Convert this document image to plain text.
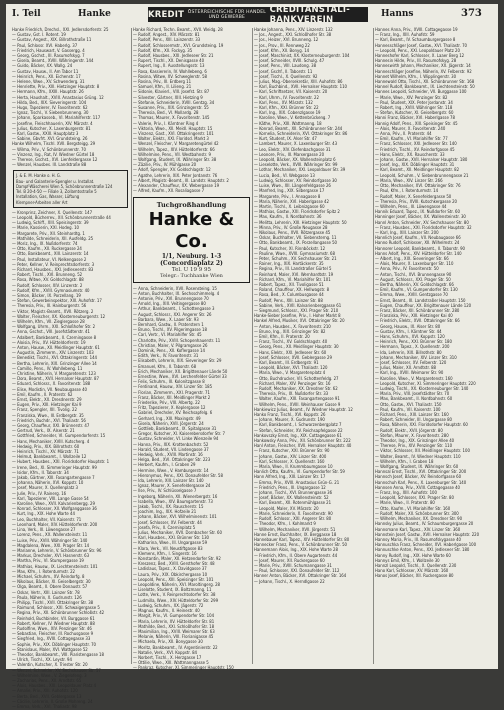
I. Teil	Hanke	KREDIT ÖSTERREICHISCHE FÜR HANDEL UND GEWERBE
CREDITANSTALT-BANKVEREIN
Hanns	373
Hanke Friedrich, Drechsl., XXI. Jedlersdorferstr. 25
— Gustav, Gst. I. Rotent. 19
— Gustav, Angest., XIX. Billrothstraße 11
— Paul, Schlossr. XVI. Haberlg. 37
— Friedrich, Hauswart, V. Gassergg. 4
— Georg, Gschst., III. Rasumofskyg. 7
— Gisela, Beamt., XVIII. Währingerstr. 144
— Guido, Bäcker, XX. Wallg. 24
— Gustav, Hausw., II. Am Tabor 11
— Heinrich, Pens., XII. Eichenstr. 17
— Helene, Wwe., XV. Schwenderg. 31
— Henriette, Priv., XIII. Hietzinger Hauptstr. 8
— Hermann, Kfm., XXIII. Hauptstr. 26
— Herta, Haushalt., XVIII. Anastasius Grüng. 12
— Hilda, Bed., XIX. Sieveringerstr. 104
— Hugo, Tapezierer, IV. Favoritenstr. 62
— Ignaz, Tischl., V. Siebenbrunneng. 30
— Johann, Sparkasseb., VI. Mariahilferstr. 117
— Josefine, Fleischhauerin, XIV. Märzstr. 4
— Julius, Kutscher, X. Laxenburgerstr. 81
— Karl, Gastw., XXIII. Hauptplatz 3
— Sabine, Gbvfrt. XVI. Grundsteing. 26
Hanke Wilhelm, Tischl. XVII. Bergsteigg. 29
— Wilma, Priv., V. Schönbrunnerstr. 70
— Vinzenz, Ing., Rat, IV. Wiedner Gürtel 18
— Therese, Gschst., XVI. Lienfeldergasse 12
— Wenzel, Hausbes. III. Landstraße 88
J. & E. M. Hanke o. H. G.
Bau- und Galanterie-Spengler u. Installat.
Dampf-Wäscherei Wien 5, Schönbrunnerstraße 124
Tel. B 20-4-50 — Filiale 3, Zollamtsstraße 5
Installation, Gas, Wasser, Lüftung
Klempner-Arbeiten aller Art
— Kronprinz, Zeichner, X. Quellenstr. 147
— Leopold, Bücherrev., XII. Schönbrunnerstraße 44
— Ludwig, Schiff., XIII. Speisingerstr. 39
— Marie, Kassierin, XXI. Hodeg. 10
— Margarete, Priv., XII. Steinhardtg. 1
— Mathilde, Schneiderin, XII. Ausfeldg. 25
— Moriz, Ing., IX. Nußdorferstr. 74
— Otto, Kaufm., XII. Ruckergasse 24
— Otto, Bankbeamt., XIII. Lainzerstr. 14
— Paul, Installateur, VI. Nelkengasse 2
— Peter, Kellner, V. Reinprechtsdorferstr. 3
— Richard, Hausbes., XXI. Jedleseerstr. 83
— Robert, Tischl., XVI. Brunneng. 52
— Rosa, Witwe, XV. Goldschlagstr. 88
— Rudolf, Schlosser, XIV. Linzerstr. 2
— Rudolf, Kfm., XVIII. Gymnasiumstr. 40
— Simon, Bäcker, IX. Porzellang. 19
— Stefan, Gewerbeinspektor, XIII. Auhofstr. 17
— Theresia, Priv., III. Hainburgerstr. 56
— Viktor, Magistr.-Beamt., XVII. Rötzerg. 2
— Walter, Fleischer, XX. Klosterneuburgerstr. 12
— Wilhelm, Kfm., VII. Zieglergasse 28
— Wolfgang, Uhrm., XXI. Schloßhofer Str. 2
— Anna, Gschst., VIII. Josefstädterstr. 41
— Adalbert, Bankbeamt., II. Czerningasse 8
— Aloisia, Priv., XV. Hütteldorferstr. 19
— Anton, Hausw., XII. Meidlinger Hauptstr. 61
— Augustin, Zimmerm., XIV. Linzerstr. 103
— Benedikt, Tischl., XVI. Ottakringerstr. 144
— Bertha, Lehrerin, XIX. Grinzinger Allee 14
— Camillo, Pens., IV. Wohllebeng. 11
— Christine, Näherin, V. Margaretenstr. 123
— Dora, Beamt., XVII. Hernalser Hauptstr. 87
— Eduard, Schlossr., X. Favoritenstr. 188
— Elise, Modistin, VII. Neubaugasse 40
— Emil, Kaufm., II. Praterstr. 62
— Ernst, Elektr., XX. Dresdnerstr. 29
— Eugen, Priv., XIII. Hietzinger Kai 9
— Franz, Spengler, XII. Tivolig. 22
— Franziska, Wwe., III. Erdbergstr. 35
— Friedrich, Buchdr., XVI. Thaliastr. 56
— Georg, Chauffeur, XXI. Brünnerstr. 47
— Gertrud, Verk., IX. Alserstr. 21
— Gottfried, Schneider, VI. Gumpendorferstr. 15
— Hans, Mechaniker, XVIII. Kutscherg. 4
— Hedwig, Priv., XIX. Billrothstr. 60
— Heinrich, Tischl., XV. Märzstr. 71
— Helmut, Bankbeamt., I. Wollzeile 12
— Hubert, Hausbes., XXI. Floridsdorfer Hauptstr. 1
— Irene, Bed., XI. Simmeringer Hauptstr. 99
— Isidor, Kfm., II. Taborstr. 34
— Jakob, Gärtner, XIII. Fasangartengasse 7
— Johanna, Näherin, XVI. Koppstr. 10
— Josef, Maurer, X. Quellenplatz 3
— Julie, Priv., IV. Rainerg. 16
— Karl, Tapezierer, VIII. Lange Gasse 54
— Karoline, Wwe., XVII. Kalvarienbergg. 29
— Konrad, Schlosser, XII. Wolfganggasse 36
— Kurt, Ing., XIX. Hohe Warte 44
— Leo, Buchhalter, VII. Kaiserstr. 71
— Leonhard, Maler, XIV. Hütteldorferstr. 200
— Lina, Verk., III. Löwengasse 27
— Lorenz, Pens., XX. Wallensteinstr. 11
— Luise, Priv., XVIII. Währinger Str. 140
— Magdalena, Wwe., XXI. Prager Str. 14
— Marianne, Lehrerin, V. Schönbrunner Str. 96
— Markus, Drechsler, XVI. Hasnerstr. 63
— Martha, Priv., VI. Stumpergasse 19
— Mathias, Hausw., IX. Liechtensteinstr. 101
— Max, Kfm., I. Rotenturmstr. 22
— Michael, Schuhm., XV. Reindorfg. 8
— Nikolaus, Bäcker, XI. Geiselbergstr. 30
— Olga, Beamt., II. Obere Donaustr. 57
— Oskar, Vertr., XIII. Lainzer Str. 78
— Paula, Näherin, X. Gudrunstr. 126
— Philipp, Tischl., XVII. Ottakringer Str. 38
— Raimund, Schlossr., XXI. Schwaigergasse 5
— Regina, Priv., XII. Schönbrunner Schloßstr. 42
— Reinhold, Buchbinder, VII. Burggasse 61
— Robert, Kellner, IV. Wiedner Hauptstr. 88
— Rudolfine, Wwe., XIV. Penzinger Str. 46
— Sebastian, Fleischer, III. Rochusgasse 9
— Siegfried, Ing., XVIII. Cottagegasse 33
— Sophie, Priv., XIX. Döblinger Hauptstr. 70
— Stanislaus, Maler, XVI. Wattgasse 52
— Theodor, Bankbeamt., VIII. Piaristengasse 18
— Ulrich, Tischl., XX. Leystr. 94
— Valentin, Kutscher, X. Triester Str. 20
— Wenzel, Schneider, XV. Sechshauser Str. 57
— Wilhelmine, Wwe., V. Ziegelofeng. 3
— Zacharias, Pens., XII. Arndtstr. 65
— Alois, Hausbes., XXI. Leopoldauer Platz 4
— Amalie, Priv., XIII. Auhofstr. 120
— Berta, Bed., XVII. Geblergasse 13
— Cäcilie, Lehrerin, II. Große Mohreng. 24
— Emma, Verk., XVI. Thaliastr. 98
Hanke Richard, Techn. Beamt., XVII. Weidg. 28
— Rudolf, Angest., XIV. Märzstr. 81
— Rudolf, Pens., XIII. Lainzerstr. 33
— Rudolf, Schlossermstr., XVI. Grundsteing. 19
— Rudolf, Kfm., XII. Fockyg. 35
— Rudolf, Hausbes., XXI. Jedleseer Str. 21
— Rupert, Tischl., XX. Denisgasse 40
— Rupert, Ing., II. Ausstellungsstr. 13
— Rosa, Kassiererin, IV. Wohllebeng. 6
— Rosina, Witwe, XV. Schweglerstr. 58
— Rosina, Priv., III. Erdberg 11
— Samuel, Kfm., II. Lilieng. 21
— Sidonie, Klavierl., VIII. Josefst. Str. 87
— Silvester, Gärtner, XIII. Hietzing 9
— Stefanie, Schneiderin, XVIII. Gentzg. 34
— Susanne, Priv., XIX. Grinzingerstr. 55
— Theresia, Bed., VI. Mollardg. 28
— Thomas, Maurer, X. Favoritenstr. 145
— Valerie, Priv., I. Kärntner Ring 4
— Viktoria, Wwe., XII. Meidl. Hauptstr. 15
— Vinzenz, Gast., XVI. Ottakringerstr. 101
— Walter, Elektr., XXI. Floridsd. Markt 3
— Wenzel, Fleischer, V. Margaretengürtel 42
— Wilhelm, Tapez., XIV. Hütteldorferstr. 66
— Wilhelmine, Pens., VII. Westbahnstr. 9
— Wolfgang, Student, IX. Währinger Str. 38
— Zäzilie, Priv., IV. Mühlgasse 20
— Adolf, Spengler, XV. Goldschlagstr. 12
— Agathe, Lehrerin, XIX. Peter Jordanstr. 76
— Albert, Magistr.-Beamt., III. Landstr. Hauptstr. 2
— Alexander, Chauffeur, XX. Webergasse 19
— Alfred, Kaufm., XII. Rosaliagasse 7
Tuchgroßhandlung
Hanke & Co.
1/1, Neuburg. 1-3 (Concordiaplatz 2)
Tel. U 19 9 95
Telegr.: Tuchhanke Wien
— Anna, Schneiderin, XVII. Rosensteing. 15
— Anton, Buchhalter, IX. Sechsschimmelg. 4
— Antonie, Priv., XVI. Brunnengasse 70
— Arnold, Ing., XIII. Veitingergasse 80
— Arthur, Bankbeamt., I. Schottengasse 3
— August, Schlossr., XXI. Angerer Str. 26
— Barbara, Wwe., X. Laaer Str. 93
— Bernhard, Gastw., II. Praterstern 1
— Bruno, Tischl., XV. Pilgerimgasse 18
— Carl, Vertr., VI. Mariahilfer Str. 45
— Charlotte, Priv., XVIII. Schopenhauerstr. 11
— Christian, Maler, V. Pilgramgasse 26
— Dominik, Pens., XII. Koflergasse 14
— Edith, Verk., IV. Favoritenstr. 31
— Elisabeth, Lehrerin, XIX. Sieveringer Str. 29
— Emanuel, Kfm., II. Taborstr. 68
— Erich, Mechaniker, XX. Brigittenauer Lände 50
— Ernestine, Wwe., XVI. Lerchenfelder Gürtel 33
— Felix, Schuhm., III. Kolonitzgasse 8
— Ferdinand, Hausw., XIV. Linzer Str. 185
— Florian, Zimmerm., XXI. Pragerstr. 71
— Franz, Bäcker, XII. Meidlinger Markt 2
— Friederike, Priv., VIII. Albertg. 22
— Fritz, Tapezierer, X. Keplergasse 12
— Gabriel, Drechsler, XV. Reichsapfelg. 6
— Gerhard, Ing., XIII. Maxingstr. 49
— Gisela, Näherin, XVII. Jörgerstr. 24
— Gottlieb, Bankbeamt., IX. Spitalgasse 31
— Gregor, Kutscher, XI. Kaiserebersdorfer Str. 7
— Gustav, Schneider, VI. Linke Wienzeile 94
— Hanna, Priv., XIX. Krottenbachstr. 52
— Harald, Student, VII. Lindengasse 37
— Hedwig, Verk., XVIII. Martinstr. 16
— Helga, Bed., XVI. Ottakringer Str. 223
— Herbert, Kaufm., I. Graben 29
— Hermine, Wwe., V. Hamburgerstr. 14
— Hieronymus, Pens., XXI. Donaufelder Str. 58
— Ida, Lehrerin, XIII. Lainzer Str. 140
— Ignaz, Maurer, X. Senefeldergasse 24
— Ilse, Priv., IV. Schlüsselgasse 7
— Ingeborg, Näherin, XII. Wienerbergstr. 16
— Isabella, Wwe., XIV. Baumgartenstr. 73
— Jakob, Tischl., XX. Rauscherstr. 15
— Joachim, Ing., XIX. Hofzeile 21
— Johann, Bäcker, XVI. Wilhelminenstr. 101
— Josef, Schlosser, XV. Felberstr. 44
— Josefa, Priv., II. Czerninplatz 5
— Julius, Mechaniker, XVII. Dornbacher Str. 60
— Karl, Hausbes., XXI. Brünner Str. 130
— Katharina, Wwe., III. Ungargasse 59
— Klara, Verk., VII. Neustiftgasse 83
— Klemens, Kfm., I. Singerstr. 16
— Konstantin, Maler, XII. Hetzendorfer Str. 92
— Kreszenz, Bed., XVIII. Gersthofer Str. 48
— Ladislaus, Tapez., X. Davidgasse 37
— Laura, Priv., XIX. Obkirchergasse 10
— Leopold, Pens., XIII. Speisinger Str. 101
— Leopoldine, Näherin, XVI. Maroltingerg. 28
— Liselotte, Student, IX. Boltzmanng. 11
— Lotte, Verk., V. Reinprechtsdorfer Str. 38
— Ludmilla, Wwe., XIV. Hütteldorfer Str. 299
— Ludwig, Schuhm., XX. Jägerstr. 72
— Magnus, Kaufm., II. Heinestr. 40
— Margit, Priv., VI. Gumpendorfer Str. 104
— Maria, Lehrerin, XV. Hütteldorfer Str. 81
— Mathilde, Bed., XXI. Schloßhofer Str. 18
— Maximilian, Ing., XVIII. Weimarer Str. 63
— Melanie, Näherin, VIII. Florianigasse 45
— Michaela, Priv., XII. Bonygasse 30
— Moritz, Bankbeamt., IV. Argentinierstr. 22
— Natalie, Verk., XVI. Koppstr. 84
— Norbert, Tischl., X. Herzgasse 17
— Ottilie, Wwe., XIII. Wattmanngasse 5
— Pankraz, Kutscher, XI. Simmeringer Hauptstr. 150
Hanke Johanna, Pens., XIV. Linzerstr. 132
— Jos., Angest., XXI. Schloßhofer Str. 38
— Jos., Heizer, XVI. Brunneng. 12
— Jos., Prov., III. Rennweg 22
— Josef, Kfm., XII. Bonyg. 14
— Josef, Maschinist, XX. Klosterneuburgerstr. 104
— Josef, Schneider, XVIII. Schulg. 47
— Josef, Pens., VIII. Laudong. 38
— Josef, Gschf., II. Taborstr. 11
— Josef, Tischl., X. Quellenstr. 92
— Julius, Mag.-Obersekretär, XIII. Auhofstr. 86
— Karl, Buchbind., XVII. Hernalser Hauptstr. 110
— Karl, Schriftsetzer, VII. Kaiserstr. 20
— Karl, Uhrm., IV. Favoritenstr. 22
— Karl, Pens., XV. Märzstr. 132
— Karl, Kfm., XXI. Brünner Str. 22
— Karl, Ing., XIX. Cobenzlgasse 19
— Karoline, Wwe., V. Kettenbrückeng. 7
— Käthe, Priv., XIII. Wattmanng. 18
— Konrad, Beamt., XII. Schönbrunner Str. 244
— Kornelia, Schneiderin, XVI. Ottakringer Str. 86
— Kurt, Student, IX. Alser Str. 47
— Lambert, Maurer, X. Laxenburger Str. 43
— Leo, Elektr., XIV. Diefenbachgasse 31
— Leonore, Priv., III. Marxergasse 20
— Leopold, Bäcker, XX. Wallensteinplatz 6
— Lieselotte, Verk., XVIII. Währinger Str. 99
— Lothar, Mechaniker, XXI. Leopoldauer Str. 39
— Lucia, Bed., VI. Webgasse 13
— Ludwig, Schlosser, XV. Reindorfgasse 30
— Luise, Wwe., XII. Längenfeldgasse 26
— Manfred, Ing., XIX. Silbergasse 17
— Margarete, Priv., I. Annagasse 8
— Maria, Näherin, XVI. Haberlgasse 42
— Martin, Tischl., X. Leibnizgasse 60
— Mathias, Gastw., XXI. Floridsdorfer Spitz 2
— Max, Kaufm., II. Nordbahnstr. 36
— Melitta, Lehrerin, XIII. Hietzinger Hauptstr. 50
— Minna, Priv., IV. Große Neugasse 28
— Nikolaus, Pens., XVII. Rötzergasse 45
— Oskar, Buchhalter, VII. Siebensterng. 11
— Otto, Bankbeamt., IX. Porzellangasse 50
— Paul, Kutscher, XI. Rinnböckstr. 12
— Pauline, Wwe., XVIII. Gymnasiumstr. 68
— Peter, Schuhm., XV. Sechshauser Str. 21
— Rainer, Ing., XIX. Hartäckerstr. 35
— Regina, Priv., III. Landstraßer Gürtel 5
— Reinhard, Maler, XVI. Wernhardtstr. 19
— Richard, Kfm., VI. Mariahilfer Str. 101
— Robert, Tapez., XII. Tivoligasse 51
— Roland, Chauffeur, XX. Hellwagstr. 8
— Rosa, Bed., X. Columbusgasse 44
— Rudolf, Pens., XIII. Lainzer Str. 88
— Sabine, Verk., XVII. Kalvarienberggasse 61
— Siegmund, Schlossr., XXI. Prager Str. 210
Hanke-Sieber Josefine, Priv., I. Hoher Markt 8
Hankel Alfred, Musiker, XVI. Ottakringer Str. 20
— Anton, Hausbes., X. Favoritenstr. 210
— Bruno, Ing., XIX. Grinzinger Str. 82
— Emil, Kfm., II. Praterstr. 20
— Franz, Tischl., XV. Goldschlagstr. 40
— Georg, Pens., XII. Meidlinger Hauptstr. 30
— Hans, Elektr., XXI. Jedleseer Str. 60
— Josef, Schlosser, XVII. Geblergasse 29
— Karl, Beamt., III. Erdbergstr. 91
— Leopold, Bäcker, XVI. Thaliastr. 120
— Maria, Wwe., V. Margaretenplatz 4
— Otto, Buchdrucker, VII. Schottenfeldg. 27
— Richard, Maler, XIV. Penzinger Str. 16
— Rudolf, Mechaniker, XX. Dresdner Str. 62
— Theresia, Priv., IX. Nußdorfer Str. 33
— Walter, Kaufm., XIII. Fasangartengasse 91
— Wilhelm, Pens., XVIII. Weinhauser Gasse 9
Hankiewicz Julius, Beamt., IV. Wiedner Hauptstr. 12
Hanko Franz, Tischl., XVI. Koppstr. 26
— Johann, Maurer, X. Gudrunstr. 190
— Karl, Bankbeamt., I. Schwarzenbergplatz 7
— Stefan, Schneider, XV. Reichsapfelgasse 22
Hankovszky Ernst, Ing., XIX. Cottagegasse 61
Hankowsky Anna, Priv., XII. Schönbrunner Str. 222
Hanl Anton, Fleischer, XVII. Hernalser Hauptstr. 40
— Franz, Kutscher, XXI. Brünner Str. 90
— Johann, Gastw., XIV. Linzer Str. 400
— Karl, Schlosser, X. Quellenstr. 160
— Maria, Wwe., II. Krummbaumgasse 10
Hanlich Otto, Kaufm., VI. Gumpendorfer Str. 59
Hann Alfred, Ing., XIII. Lainzer Str. 17
— Emma, Priv., XVIII. Anastasius Grün-G. 21
— Friedrich, Pens., III. Ungargasse 12
— Johann, Tischl., XVI. Brunnengasse 36
— Josef, Bäcker, XX. Wallensteinstr. 52
— Karl, Beamt., XII. Rotenmühlgasse 21
— Leopold, Maler, XV. Märzstr. 20
— Marie, Schneiderin, X. Favoritenstr. 90
— Rudolf, Schlossr., XXI. Angerer Str. 80
— Theodor, Kfm., I. Kohlmarkt 9
— Wilhelm, Mechaniker, XVII. Jörgerstr. 51
Hanne Ernst, Buchhalter, IX. Berggasse 18
Hannebauer Karl, Tapez., XIV. Hütteldorfer Str. 80
Hannecker Franz, Pens., V. Schönbrunner Str. 50
Hannemann Alois, Ing., XIX. Hohe Warte 28
— Friedrich, Kfm., II. Obere Augartenstr. 44
— Josef, Maurer, XII. Ruckergasse 60
— Marie, Priv., XVIII. Schumanngasse 31
— Paul, Schlosser, XXI. Donaufelder Str. 112
Hanner Anton, Bäcker, XVI. Ottakringer Str. 164
— Johann, Tischl., X. Herndlgasse 22
Hannes Anna, Priv., XVIII. Cottagegasse 19
— Franz, Ing., XIII. Auhofstr. 59
— Karl, Beamt., IV. Schaumburgergasse 8
Hannesschläger Josef, Gastw., XVI. Thaliastr. 70
— Leopold, Pens., XXI. Leopoldauer Platz 20
Hanneshofer Karl, Schlosser, X. Laaer Berg 12
Hannesin Hilde, Priv., III. Rasumofskyg. 28
Hanneswirth Johann, Mechaniker, XX. Jägerstr. 14
Hanneschläger Josefine, Näherin, XV. Felberstr. 92
Hannet Wilhelm, Kfm., I. Wipplingerstr. 30
Hannewald Otto, Tischl., XII. Schönbrunner Str. 168
Hannel Rudolf, Bankbeamt., IX. Liechtensteinstr. 50
Hannes Leopold, Schneider, VII. Burggasse 100
— Marie, Wwe., XIV. Penzinger Str. 82
— Paul, Student, XIX. Peter Jordanstr. 34
— Robert, Ing., XVIII. Währinger Str. 118
— Stefan, Kutscher, XI. Geiselbergstr. 60
Hanni Franz, Bäcker, XVI. Haberlgasse 78
Hannig Adolf, Pens., XIII. Speisinger Str. 45
— Alois, Maurer, X. Favoritenstr. 240
— Anna, Priv., II. Praterstr. 44
— Emil, Kaufm., VI. Mariahilfer Str. 77
— Franz, Schlosser, XXI. Jedleseer Str. 140
— Friedrich, Tischl., XV. Reindorfgasse 45
— Hans, Elektr., XX. Rauscherstr. 33
— Johann, Gastw., XVII. Hernalser Hauptstr. 180
— Josef, Ing., XIX. Döblinger Hauptstr. 31
— Karl, Beamt., XII. Meidlinger Hauptstr. 82
— Leopold, Schuhm., V. Siebenbrunnengasse 21
— Maria, Wwe., XIV. Linzer Str. 266
— Otto, Mechaniker, XVI. Ottakringer Str. 76
— Paul, Kfm., I. Rotenturmstr. 14
— Rudolf, Maler, X. Senefeldergasse 50
— Theresia, Priv., XVIII. Kutschkergasse 20
— Wilhelm, Pens., III. Löwengasse 44
Hannik Eduard, Tapez., IX. Nußdorfer Str. 60
Hanninger Josef, Bäcker, XX. Wallensteinstr. 30
Hannl Anton, Schneider, XV. Sechshauser Str. 80
— Franz, Hausbes., XXI. Floridsdorfer Hauptstr. 32
— Karl, Ing., XIII. Lainzer Str. 200
Hannlich Josef, Kaufm., VII. Neubaugasse 66
Hanno Rudolf, Schlosser, XII. Wilhelmstr. 24
Hannorer Leopold, Bankbeamt., II. Taborstr. 90
Hanns Adolf, Pens., XIV. Hütteldorfer Str. 140
— Albert, Ing., XIX. Sieveringer Str. 66
— Alois, Maurer, X. Laxenburger Str. 110
— Anna, Priv., IV. Favoritenstr. 50
— Anton, Tischl., XVI. Brunnengasse 90
— August, Schlossr., XXI. Prager Str. 50
— Bertha, Näherin, XV. Goldschlagstr. 66
— Emil, Kaufm., VI. Gumpendorfer Str. 130
— Emma, Wwe., XVIII. Gentzgasse 70
— Ernst, Beamt., III. Landstraßer Hauptstr. 150
— Eugen, Chauffeur, XX. Brigittenauer Lände 120
— Franz, Bäcker, XII. Schönbrunner Str. 280
— Franziska, Priv., XIII. Hietzinger Kai 40
— Friedrich, Elektr., XVII. Ottakringer Str. 66
— Georg, Hausw., IX. Alser Str. 80
— Gustav, Kfm., I. Kärntner Str. 44
— Hans, Schuhm., XVI. Koppstr. 120
— Heinrich, Pens., XXI. Brünner Str. 180
— Hermann, Tapez., X. Quellenstr. 200
— Ida, Lehrerin, XIX. Billrothstr. 80
— Johann, Mechaniker, XIV. Linzer Str. 310
— Josef, Schlosser, XV. Felberstr. 120
— Julius, Maler, XII. Arndtstr. 88
— Karl, Ing., XVIII. Weimarer Str. 90
— Karoline, Wwe., V. Margaretenstr. 160
— Leopold, Kutscher, XI. Simmeringer Hauptstr. 220
— Ludwig, Tischl., XX. Klosterneuburger Str. 140
— Maria, Priv., VIII. Josefstädter Str. 70
— Max, Bankbeamt., II. Nordbahnstr. 60
— Otto, Gastw., XVI. Thaliastr. 150
— Paul, Kaufm., VII. Kaiserstr. 100
— Richard, Pens., XIII. Lainzer Str. 160
— Robert, Schneider, III. Ungargasse 80
— Rosa, Näherin, XXI. Floridsdorfer Hauptstr. 60
— Rudolf, Elektr., XVII. Jörgerstr. 80
— Stefan, Maurer, X. Favoritenstr. 280
— Theodor, Ing., XIX. Grinzinger Allee 40
— Therese, Priv., XIV. Penzinger Str. 110
— Viktor, Schlosser, XII. Meidlinger Hauptstr. 100
— Walter, Beamt., IV. Wiedner Hauptstr. 110
— Wilhelm, Kfm., I. Graben 18
— Wolfgang, Student, IX. Währinger Str. 60
Hannsal Ernst, Tischl., XVI. Ottakringer Str. 200
Hannsch Josef, Bäcker, XV. Reindorfgasse 60
Hannschuh Karl, Pens., X. Laxenburger Str. 140
Hannsen Anna, Priv., XVIII. Cottagegasse 40
— Franz, Ing., XIII. Auhofstr. 100
— Leopold, Schlosser, XXI. Prager Str. 80
— Marie, Wwe., II. Praterstr. 80
— Otto, Kaufm., VI. Mariahilfer Str. 160
— Rudolf, Maler, XII. Schönbrunner Str. 300
— Wilhelm, Mechaniker, XX. Dresdner Str. 90
Hannsky Julius, Beamt., IV. Schaumburgergasse 20
Hannsmann Karl, Tapez., XIV. Linzer Str. 360
Hannstein Josef, Gastw., XVII. Hernalser Hauptstr. 220
Hannsy Maria, Priv., III. Rasumofskygasse 40
Hannuschka Franz, Schneider, XVI. Haberlgasse 100
Hannuschke Anton, Pens., XXI. Jedleseer Str. 180
Hanny Rudolf, Ing., XIX. Hohe Warte 60
Hannys Emil, Kfm., I. Wollzeile 30
Hannzl Leopold, Tischl., X. Quellenstr. 230
Hano Karl, Schlosser, XV. Märzstr. 160
Hanos Josef, Bäcker, XII. Ruckergasse 80
